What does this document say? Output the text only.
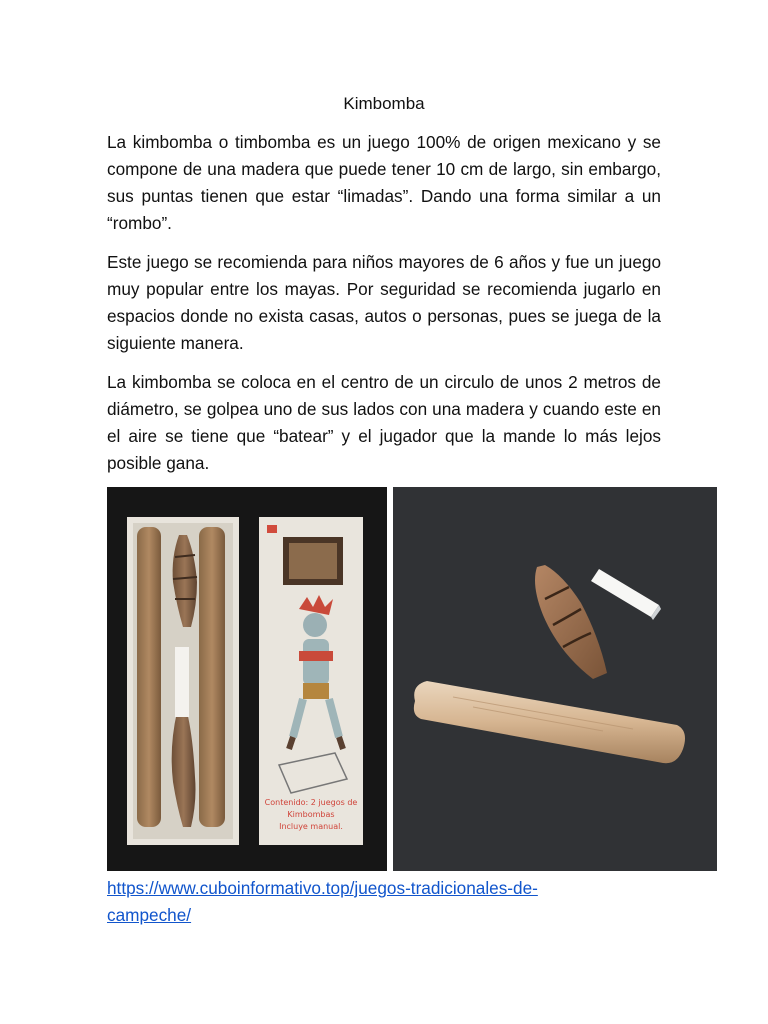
Kimbomba

La kimbomba o timbomba es un juego 100% de origen mexicano y se compone de una madera que puede tener 10 cm de largo, sin embargo, sus puntas tienen que estar “limadas”. Dando una forma similar a un “rombo”.

Este juego se recomienda para niños mayores de 6 años y fue un juego muy popular entre los mayas. Por seguridad se recomienda jugarlo en espacios donde no exista casas, autos o personas, pues se juega de la siguiente manera.

La kimbomba se coloca en el centro de un circulo de unos 2 metros de diámetro, se golpea uno de sus lados con una madera y cuando este en el aire se tiene que “batear” y el jugador que la mande lo más lejos posible gana.

Contenido: 2 juegos de
Kimbombas
Incluye manual.
https://www.cuboinformativo.top/juegos-tradicionales-de-
campeche/
